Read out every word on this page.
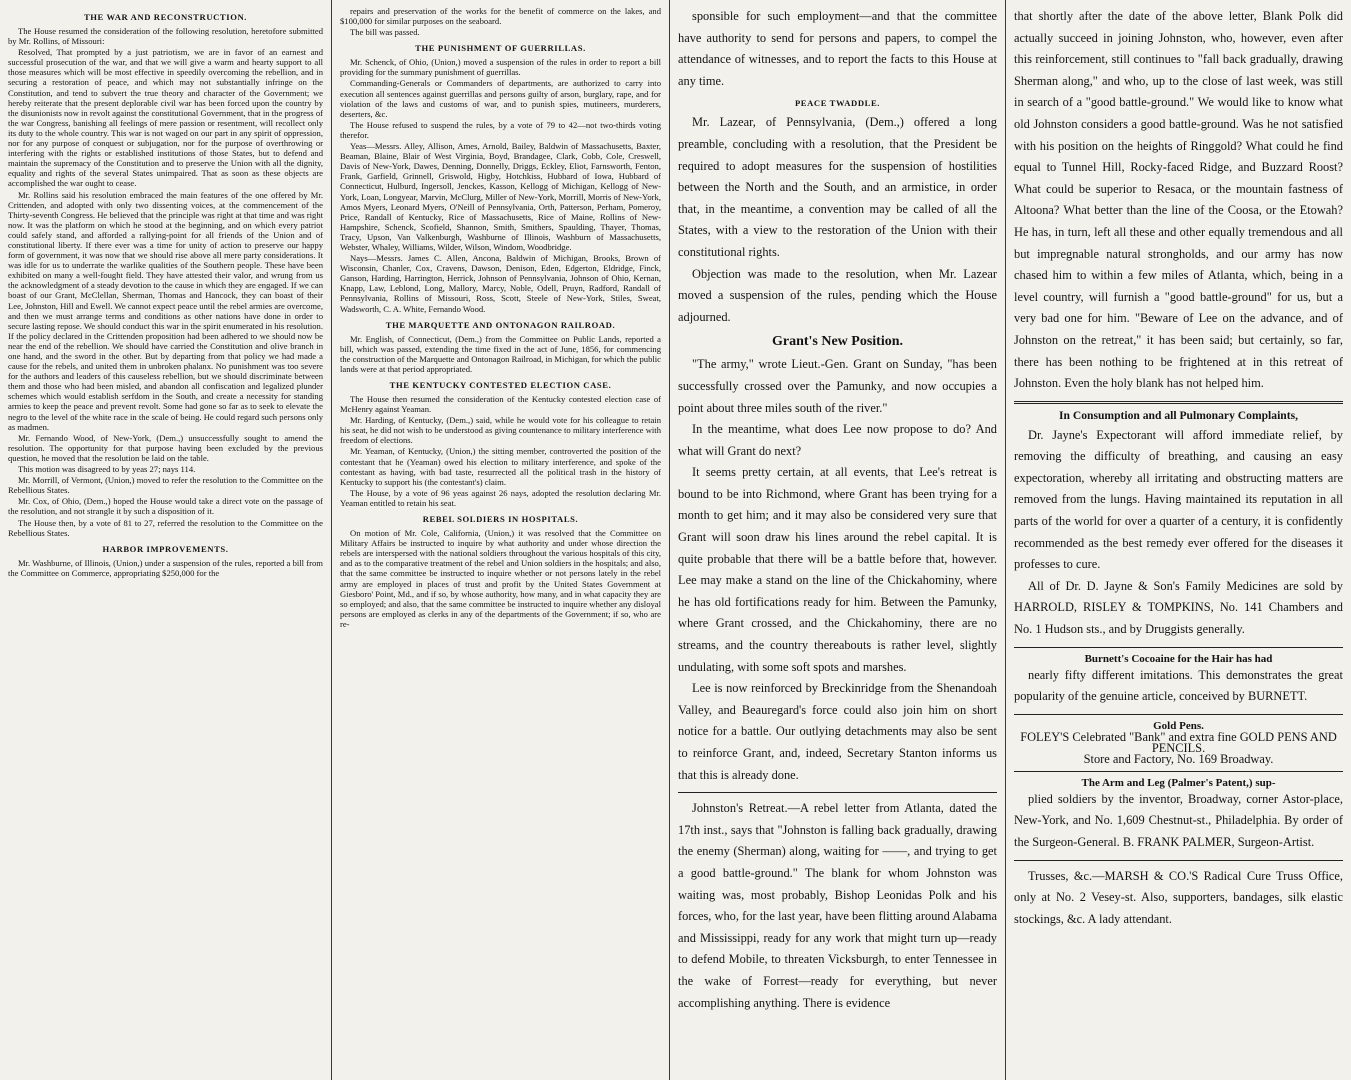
THE WAR AND RECONSTRUCTION.

The House resumed the consideration of the following resolution, heretofore submitted by Mr. Rollins, of Missouri:

Resolved, That prompted by a just patriotism, we are in favor of an earnest and successful prosecution of the war, and that we will give a warm and hearty support to all those measures which will be most effective in speedily overcoming the rebellion, and in securing a restoration of peace, and which may not substantially infringe on the Constitution, and tend to subvert the true theory and character of the Government; we hereby reiterate that the present deplorable civil war has been forced upon the country by the disunionists now in revolt against the constitutional Government, that in the progress of the war Congress, banishing all feelings of mere passion or resentment, will recollect only its duty to the whole country. This war is not waged on our part in any spirit of oppression, nor for any purpose of conquest or subjugation, nor for the purpose of overthrowing or interfering with the rights or established institutions of those States, but to defend and maintain the supremacy of the Constitution and to preserve the Union with all the dignity, equality and rights of the several States unimpaired. That as soon as these objects are accomplished the war ought to cease.

Mr. Rollins said his resolution embraced the main features of the one offered by Mr. Crittenden, and adopted with only two dissenting voices, at the commencement of the Thirty-seventh Congress. He believed that the principle was right at that time and was right now. It was the platform on which he stood at the beginning, and on which every patriot could safely stand, and afforded a rallying-point for all friends of the Union and of constitutional liberty. If there ever was a time for unity of action to preserve our happy form of government, it was now that we should rise above all mere party considerations. It was idle for us to underrate the warlike qualities of the Southern people. These have been exhibited on many a well-fought field. They have attested their valor, and wrung from us the acknowledgment of a steady devotion to the cause in which they are engaged. If we can boast of our Grant, McClellan, Sherman, Thomas and Hancock, they can boast of their Lee, Johnston, Hill and Ewell. We cannot expect peace until the rebel armies are overcome, and then we must arrange terms and conditions as other nations have done in order to secure lasting repose. We should conduct this war in the spirit enumerated in his resolution. If the policy declared in the Crittenden proposition had been adhered to we should now be near the end of the rebellion. We should have carried the Constitution and olive branch in one hand, and the sword in the other. But by departing from that policy we had made a cause for the rebels, and united them in unbroken phalanx. No punishment was too severe for the authors and leaders of this causeless rebellion, but we should discriminate between them and those who had been misled, and abandon all confiscation and legalized plunder schemes which would establish serfdom in the South, and create a necessity for standing armies to keep the peace and prevent revolt. Some had gone so far as to seek to elevate the negro to the level of the white race in the scale of being. He could regard such persons only as madmen.

Mr. Fernando Wood, of New-York, (Dem.,) unsuccessfully sought to amend the resolution. The opportunity for that purpose having been excluded by the previous question, he moved that the resolution be laid on the table.

This motion was disagreed to by yeas 27; nays 114.

Mr. Morrill, of Vermont, (Union,) moved to refer the resolution to the Committee on the Rebellious States.

Mr. Cox, of Ohio, (Dem.,) hoped the House would take a direct vote on the passage of the resolution, and not strangle it by such a disposition of it.

The House then, by a vote of 81 to 27, referred the resolution to the Committee on the Rebellious States.

HARBOR IMPROVEMENTS.

Mr. Washburne, of Illinois, (Union,) under a suspension of the rules, reported a bill from the Committee on Commerce, appropriating $250,000 for the

repairs and preservation of the works for the benefit of commerce on the lakes, and $100,000 for similar purposes on the seaboard.

The bill was passed.

THE PUNISHMENT OF GUERRILLAS.

Mr. Schenck, of Ohio, (Union,) moved a suspension of the rules in order to report a bill providing for the summary punishment of guerrillas.

Commanding-Generals or Commanders of departments, are authorized to carry into execution all sentences against guerrillas and persons guilty of arson, burglary, rape, and for violation of the laws and customs of war, and to punish spies, mutineers, murderers, deserters, &c.

The House refused to suspend the rules, by a vote of 79 to 42—not two-thirds voting therefor.

Yeas—Messrs. Alley, Allison, Ames, Arnold, Bailey, Baldwin of Massachusetts, Baxter, Beaman, Blaine, Blair of West Virginia, Boyd, Brandagee, Clark, Cobb, Cole, Creswell, Davis of New-York, Dawes, Denning, Donnelly, Driggs, Eckley, Eliot, Farnsworth, Fenton, Frank, Garfield, Grinnell, Griswold, Higby, Hotchkiss, Hubbard of Iowa, Hubbard of Connecticut, Hulburd, Ingersoll, Jenckes, Kasson, Kellogg of Michigan, Kellogg of New-York, Loan, Longyear, Marvin, McClurg, Miller of New-York, Morrill, Morris of New-York, Amos Myers, Leonard Myers, O'Neill of Pennsylvania, Orth, Patterson, Perham, Pomeroy, Price, Randall of Kentucky, Rice of Massachusetts, Rice of Maine, Rollins of New-Hampshire, Schenck, Scofield, Shannon, Smith, Smithers, Spaulding, Thayer, Thomas, Tracy, Upson, Van Valkenburgh, Washburne of Illinois, Washburn of Massachusetts, Webster, Whaley, Williams, Wilder, Wilson, Windom, Woodbridge.

Nays—Messrs. James C. Allen, Ancona, Baldwin of Michigan, Brooks, Brown of Wisconsin, Chanler, Cox, Cravens, Dawson, Denison, Eden, Edgerton, Eldridge, Finck, Ganson, Harding, Harrington, Herrick, Johnson of Pennsylvania, Johnson of Ohio, Kernan, Knapp, Law, Leblond, Long, Mallory, Marcy, Noble, Odell, Pruyn, Radford, Randall of Pennsylvania, Rollins of Missouri, Ross, Scott, Steele of New-York, Stiles, Sweat, Wadsworth, C. A. White, Fernando Wood.

THE MARQUETTE AND ONTONAGON RAILROAD.

Mr. English, of Connecticut, (Dem.,) from the Committee on Public Lands, reported a bill, which was passed, extending the time fixed in the act of June, 1856, for commencing the construction of the Marquette and Ontonagon Railroad, in Michigan, for which the public lands were at that period appropriated.

THE KENTUCKY CONTESTED ELECTION CASE.

The House then resumed the consideration of the Kentucky contested election case of McHenry against Yeaman.

Mr. Harding, of Kentucky, (Dem.,) said, while he would vote for his colleague to retain his seat, he did not wish to be understood as giving countenance to military interference with freedom of elections.

Mr. Yeaman, of Kentucky, (Union,) the sitting member, controverted the position of the contestant that he (Yeaman) owed his election to military interference, and spoke of the contestant as having, with bad taste, resurrected all the political trash in the history of Kentucky to support his (the contestant's) claim.

The House, by a vote of 96 yeas against 26 nays, adopted the resolution declaring Mr. Yeaman entitled to retain his seat.

REBEL SOLDIERS IN HOSPITALS.

On motion of Mr. Cole, California, (Union,) it was resolved that the Committee on Military Affairs be instructed to inquire by what authority and under whose direction the rebels are interspersed with the national soldiers throughout the various hospitals of this city, and as to the comparative treatment of the rebel and Union soldiers in the hospitals; and also, that the same committee be instructed to inquire whether or not persons lately in the rebel army are employed in places of trust and profit by the United States Government at Giesboro' Point, Md., and if so, by whose authority, how many, and in what capacity they are so employed; and also, that the same committee be instructed to inquire whether any disloyal persons are employed as clerks in any of the departments of the Government; if so, who are re-

sponsible for such employment—and that the committee have authority to send for persons and papers, to compel the attendance of witnesses, and to report the facts to this House at any time.

PEACE TWADDLE.

Mr. Lazear, of Pennsylvania, (Dem.,) offered a long preamble, concluding with a resolution, that the President be required to adopt measures for the suspension of hostilities between the North and the South, and an armistice, in order that, in the meantime, a convention may be called of all the States, with a view to the restoration of the Union with their constitutional rights.

Objection was made to the resolution, when Mr. Lazear moved a suspension of the rules, pending which the House adjourned.

Grant's New Position.

"The army," wrote Lieut.-Gen. Grant on Sunday, "has been successfully crossed over the Pamunky, and now occupies a point about three miles south of the river."

In the meantime, what does Lee now propose to do? And what will Grant do next?

It seems pretty certain, at all events, that Lee's retreat is bound to be into Richmond, where Grant has been trying for a month to get him; and it may also be considered very sure that Grant will soon draw his lines around the rebel capital. It is quite probable that there will be a battle before that, however. Lee may make a stand on the line of the Chickahominy, where he has old fortifications ready for him. Between the Pamunky, where Grant crossed, and the Chickahominy, there are no streams, and the country thereabouts is rather level, slightly undulating, with some soft spots and marshes.

Lee is now reinforced by Breckinridge from the Shenandoah Valley, and Beauregard's force could also join him on short notice for a battle. Our outlying detachments may also be sent to reinforce Grant, and, indeed, Secretary Stanton informs us that this is already done.

Johnston's Retreat.—A rebel letter from Atlanta, dated the 17th inst., says that "Johnston is falling back gradually, drawing the enemy (Sherman) along, waiting for ——, and trying to get a good battle-ground." The blank for whom Johnston was waiting was, most probably, Bishop Leonidas Polk and his forces, who, for the last year, have been flitting around Alabama and Mississippi, ready for any work that might turn up—ready to defend Mobile, to threaten Vicksburgh, to enter Tennessee in the wake of Forrest—ready for everything, but never accomplishing anything. There is evidence

that shortly after the date of the above letter, Blank Polk did actually succeed in joining Johnston, who, however, even after this reinforcement, still continues to "fall back gradually, drawing Sherman along," and who, up to the close of last week, was still in search of a "good battle-ground." We would like to know what old Johnston considers a good battle-ground. Was he not satisfied with his position on the heights of Ringgold? What could he find equal to Tunnel Hill, Rocky-faced Ridge, and Buzzard Roost? What could be superior to Resaca, or the mountain fastness of Altoona? What better than the line of the Coosa, or the Etowah? He has, in turn, left all these and other equally tremendous and all but impregnable natural strongholds, and our army has now chased him to within a few miles of Atlanta, which, being in a level country, will furnish a "good battle-ground" for us, but a very bad one for him. "Beware of Lee on the advance, and of Johnston on the retreat," it has been said; but certainly, so far, there has been nothing to be frightened at in this retreat of Johnston. Even the holy blank has not helped him.

In Consumption and all Pulmonary Complaints,

Dr. Jayne's Expectorant will afford immediate relief, by removing the difficulty of breathing, and causing an easy expectoration, whereby all irritating and obstructing matters are removed from the lungs. Having maintained its reputation in all parts of the world for over a quarter of a century, it is confidently recommended as the best remedy ever offered for the diseases it professes to cure.

All of Dr. D. Jayne & Son's Family Medicines are sold by HARROLD, RISLEY & TOMPKINS, No. 141 Chambers and No. 1 Hudson sts., and by Druggists generally.

Burnett's Cocoaine for the Hair has had

nearly fifty different imitations. This demonstrates the great popularity of the genuine article, conceived by BURNETT.

Gold Pens.

FOLEY'S Celebrated "Bank" and extra fine GOLD PENS AND PENCILS.

Store and Factory, No. 169 Broadway.

The Arm and Leg (Palmer's Patent,) sup-

plied soldiers by the inventor, Broadway, corner Astor-place, New-York, and No. 1,609 Chestnut-st., Philadelphia. By order of the Surgeon-General. B. FRANK PALMER, Surgeon-Artist.

Trusses, &c.—MARSH & CO.'S Radical Cure Truss Office, only at No. 2 Vesey-st. Also, supporters, bandages, silk elastic stockings, &c. A lady attendant.
